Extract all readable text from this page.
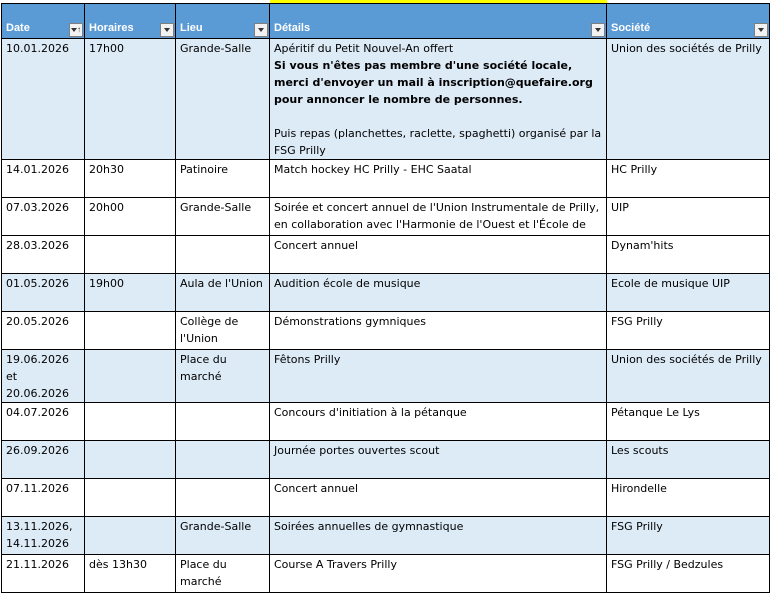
Date ↑	Horaires	Lieu	Détails	Société

10.01.2026	17h00	Grande-Salle	Apéritif du Petit Nouvel-An offert
Si vous n'êtes pas membre d'une société locale, merci d'envoyer un mail à inscription@quefaire.org pour annoncer le nombre de personnes.
Puis repas (planchettes, raclette, spaghetti) organisé par la FSG Prilly	Union des sociétés de Prilly
14.01.2026	20h30	Patinoire	Match hockey HC Prilly - EHC Saatal	HC Prilly
07.03.2026	20h00	Grande-Salle	Soirée et concert annuel de l'Union Instrumentale de Prilly, en collaboration avec l'Harmonie de l'Ouest et l'École de	UIP
28.03.2026			Concert annuel	Dynam'hits
01.05.2026	19h00	Aula de l'Union	Audition école de musique	Ecole de musique UIP
20.05.2026		Collège de l'Union	Démonstrations gymniques	FSG Prilly
19.06.2026 et 20.06.2026		Place du marché	Fêtons Prilly	Union des sociétés de Prilly
04.07.2026			Concours d'initiation à la pétanque	Pétanque Le Lys
26.09.2026			Journée portes ouvertes scout	Les scouts
07.11.2026			Concert annuel	Hirondelle

13.11.2026, 14.11.2026		Grande-Salle	Soirées annuelles de gymnastique	FSG Prilly
21.11.2026	dès 13h30	Place du marché	Course A Travers Prilly	FSG Prilly / Bedzules
